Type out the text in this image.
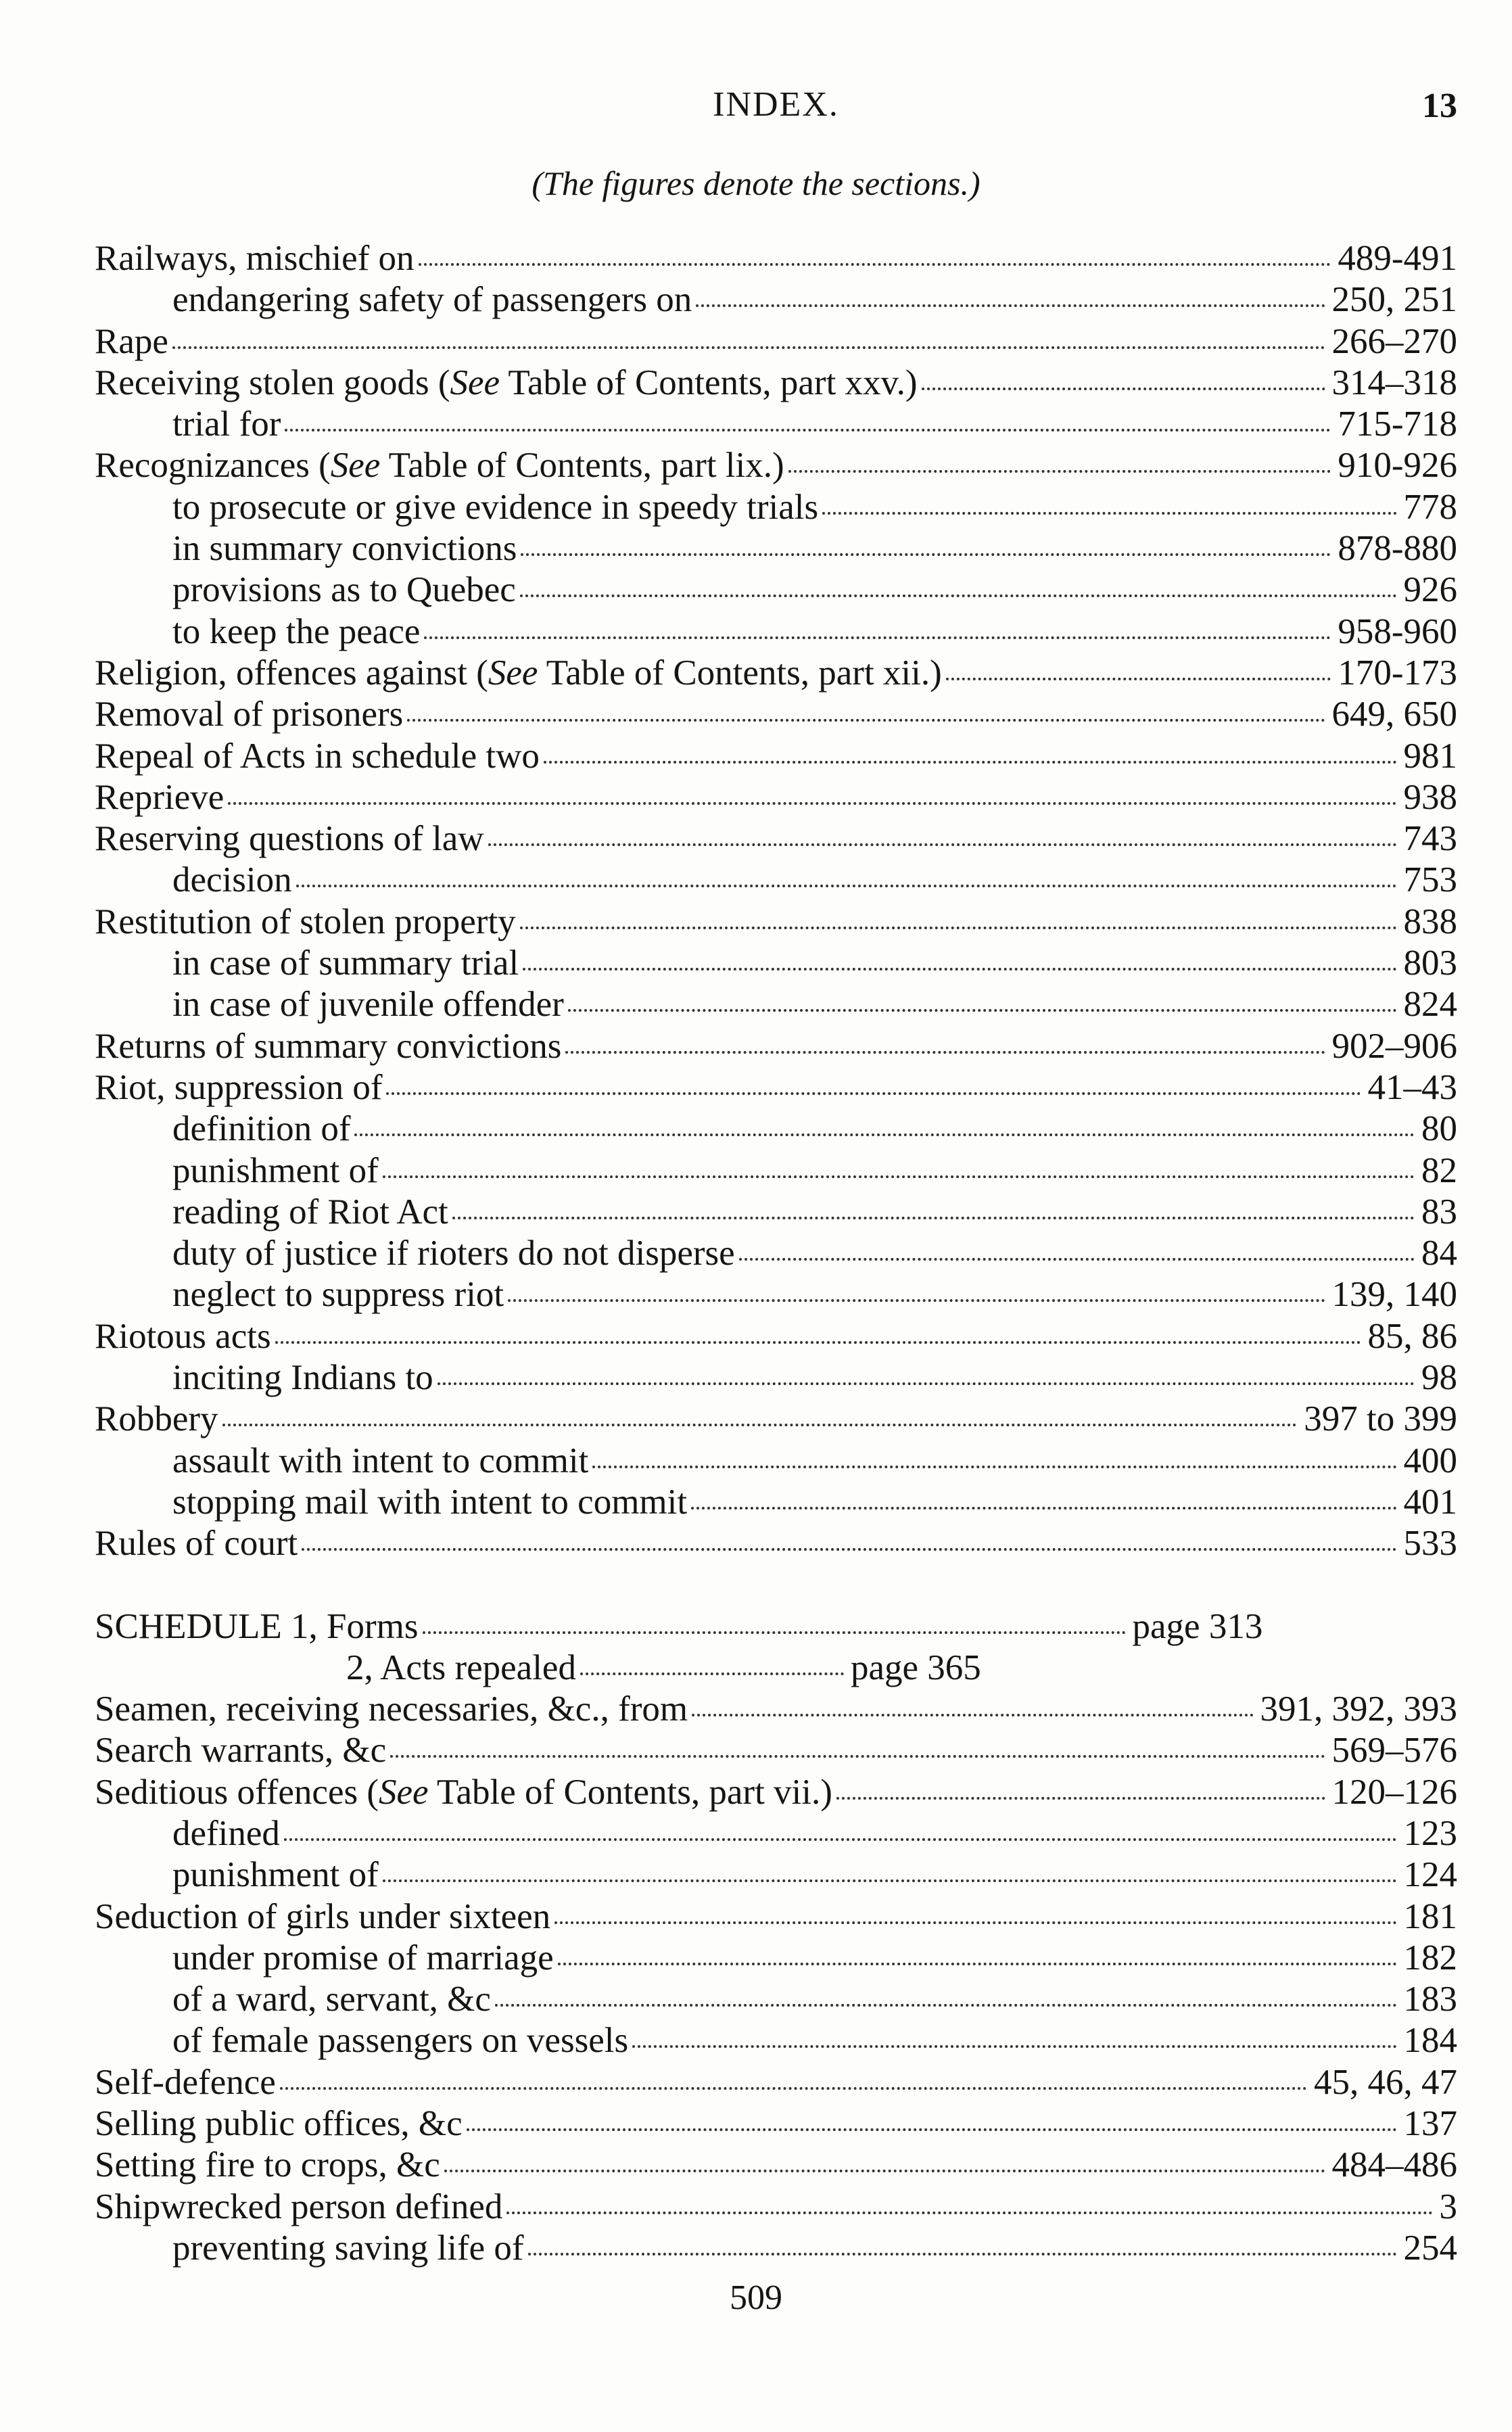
INDEX.	13
(The figures denote the sections.)
Railways, mischief on	489-491
endangering safety of passengers on	250, 251
Rape	266–270
Receiving stolen goods (See Table of Contents, part xxv.)	314–318
trial for	715-718
Recognizances (See Table of Contents, part lix.)	910-926
to prosecute or give evidence in speedy trials	778
in summary convictions	878-880
provisions as to Quebec	926
to keep the peace	958-960
Religion, offences against (See Table of Contents, part xii.)	170-173
Removal of prisoners	649, 650
Repeal of Acts in schedule two	981
Reprieve	938
Reserving questions of law	743
decision	753
Restitution of stolen property	838
in case of summary trial	803
in case of juvenile offender	824
Returns of summary convictions	902–906
Riot, suppression of	41–43
definition of	80
punishment of	82
reading of Riot Act	83
duty of justice if rioters do not disperse	84
neglect to suppress riot	139, 140
Riotous acts	85, 86
inciting Indians to	98
Robbery	397 to 399
assault with intent to commit	400
stopping mail with intent to commit	401
Rules of court	533
SCHEDULE 1, Forms	page 313
2, Acts repealed	page 365
Seamen, receiving necessaries, &c., from	391, 392, 393
Search warrants, &c	569–576
Seditious offences (See Table of Contents, part vii.)	120–126
defined	123
punishment of	124
Seduction of girls under sixteen	181
under promise of marriage	182
of a ward, servant, &c	183
of female passengers on vessels	184
Self-defence	45, 46, 47
Selling public offices, &c	137
Setting fire to crops, &c	484–486
Shipwrecked person defined	3
preventing saving life of	254
509
